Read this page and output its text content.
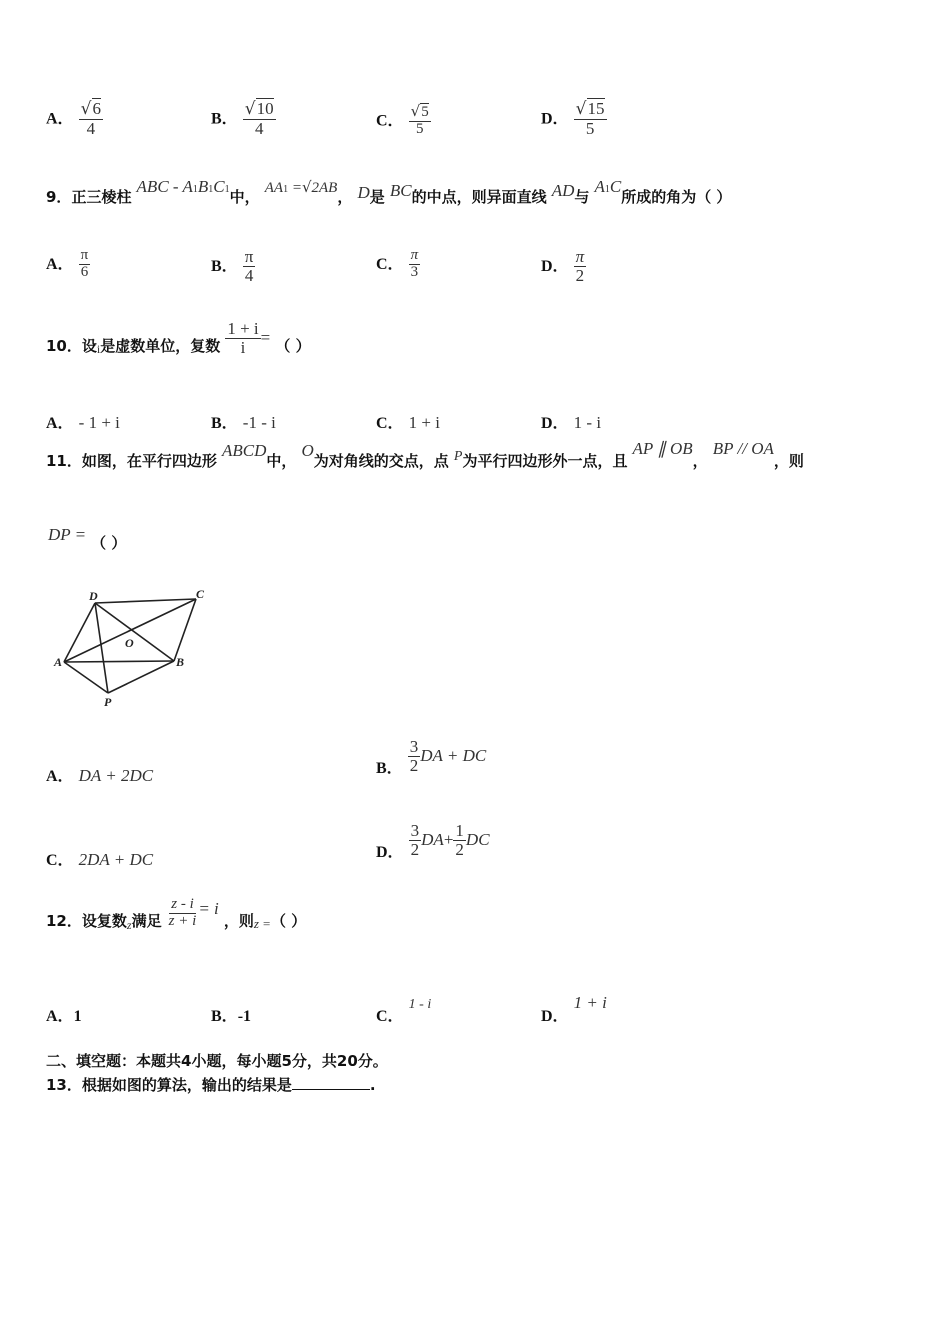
A． $\frac{√6}{4}$	B． $\frac{√10}{4}$	C． $\frac{√5}{5}$	D． $\frac{√15}{5}$
9．正三棱柱 ABC - A1B1C1中， AA1 =√2AB， D是 BC的中点，则异面直线 AD与 A1C所成的角为（ ）
A． $\frac{\pi}{6}$	B． $\frac{\pi}{4}$	C． $\frac{\pi}{3}$	D． $\frac{\pi}{2}$
10．设i是虚数单位，复数 $\frac{1 + i}{i}$ = （ ）
A． - 1 + i	B． -1 - i	C． 1 + i	D． 1 - i
11．如图，在平行四边形 ABCD中， O为对角线的交点，点 P为平行四边形外一点，且 AP ∥ OB， BP // OA，则
DP = （ ）
D	C
O
A	B
P
A． DA + 2DC	B． $\frac{3}{2}$ DA + DC
C． 2DA + DC	D． $\frac{3}{2} DA+ \frac{1}{2}$ DC
12．设复数z满足 $\frac{z - i}{z + i} = i$ ，则z =（ ）
A．1	B．-1	C． 1 - i
D． 1 + i
二、填空题：本题共4小题，每小题5分，共20分。
13．根据如图的算法，输出的结果是	.
